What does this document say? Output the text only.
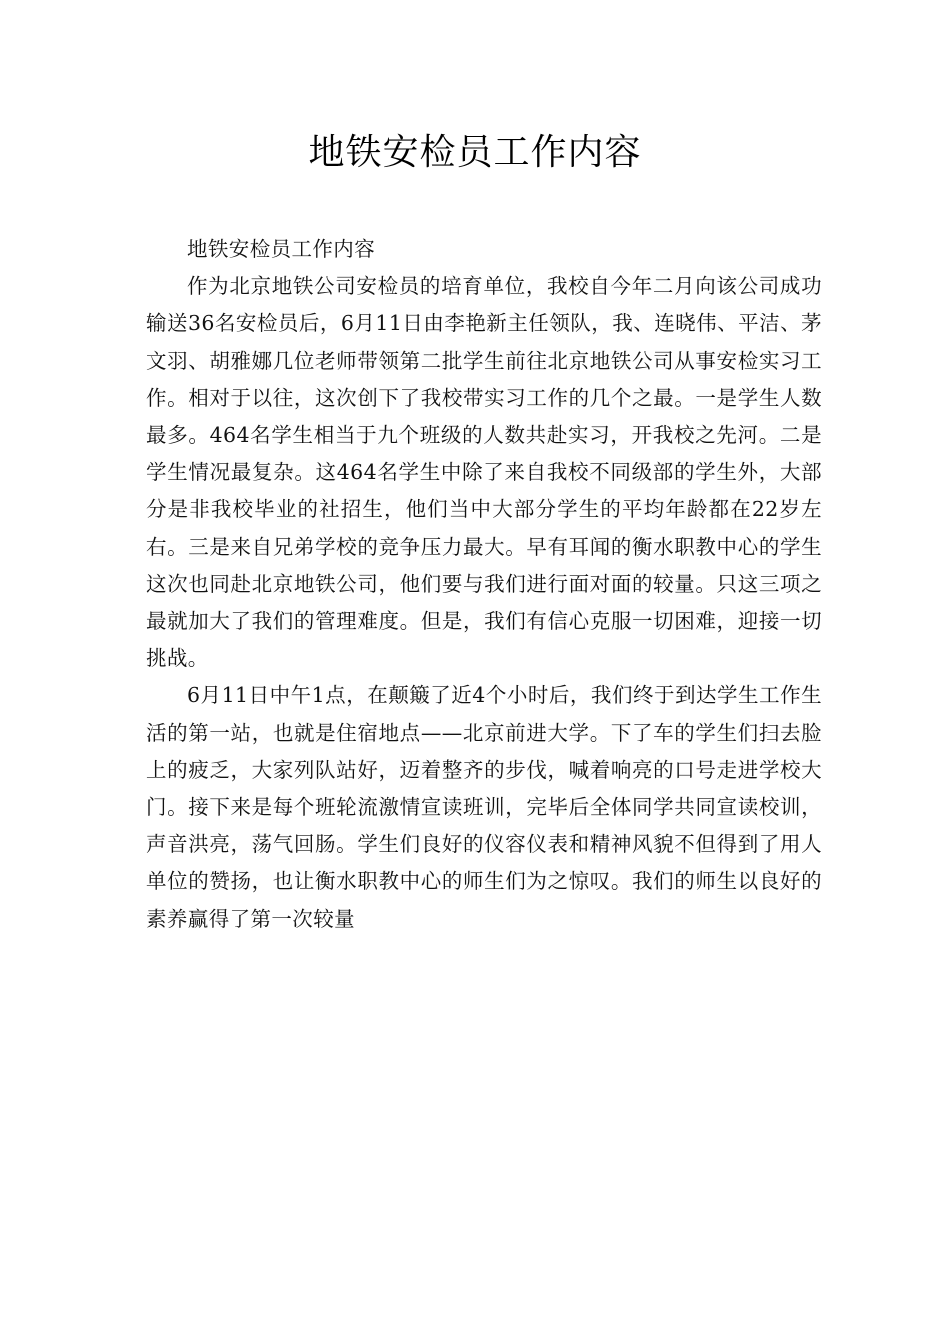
地铁安检员工作内容

地铁安检员工作内容

作为北京地铁公司安检员的培育单位，我校自今年二月向该公司成功输送36名安检员后，6月11日由李艳新主任领队，我、连晓伟、平洁、茅文羽、胡雅娜几位老师带领第二批学生前往北京地铁公司从事安检实习工作。相对于以往，这次创下了我校带实习工作的几个之最。一是学生人数最多。464名学生相当于九个班级的人数共赴实习，开我校之先河。二是学生情况最复杂。这464名学生中除了来自我校不同级部的学生外，大部分是非我校毕业的社招生，他们当中大部分学生的平均年龄都在22岁左右。三是来自兄弟学校的竞争压力最大。早有耳闻的衡水职教中心的学生这次也同赴北京地铁公司，他们要与我们进行面对面的较量。只这三项之最就加大了我们的管理难度。但是，我们有信心克服一切困难，迎接一切挑战。

6月11日中午1点，在颠簸了近4个小时后，我们终于到达学生工作生活的第一站，也就是住宿地点——北京前进大学。下了车的学生们扫去脸上的疲乏，大家列队站好，迈着整齐的步伐，喊着响亮的口号走进学校大门。接下来是每个班轮流激情宣读班训，完毕后全体同学共同宣读校训，声音洪亮，荡气回肠。学生们良好的仪容仪表和精神风貌不但得到了用人单位的赞扬，也让衡水职教中心的师生们为之惊叹。我们的师生以良好的素养赢得了第一次较量
